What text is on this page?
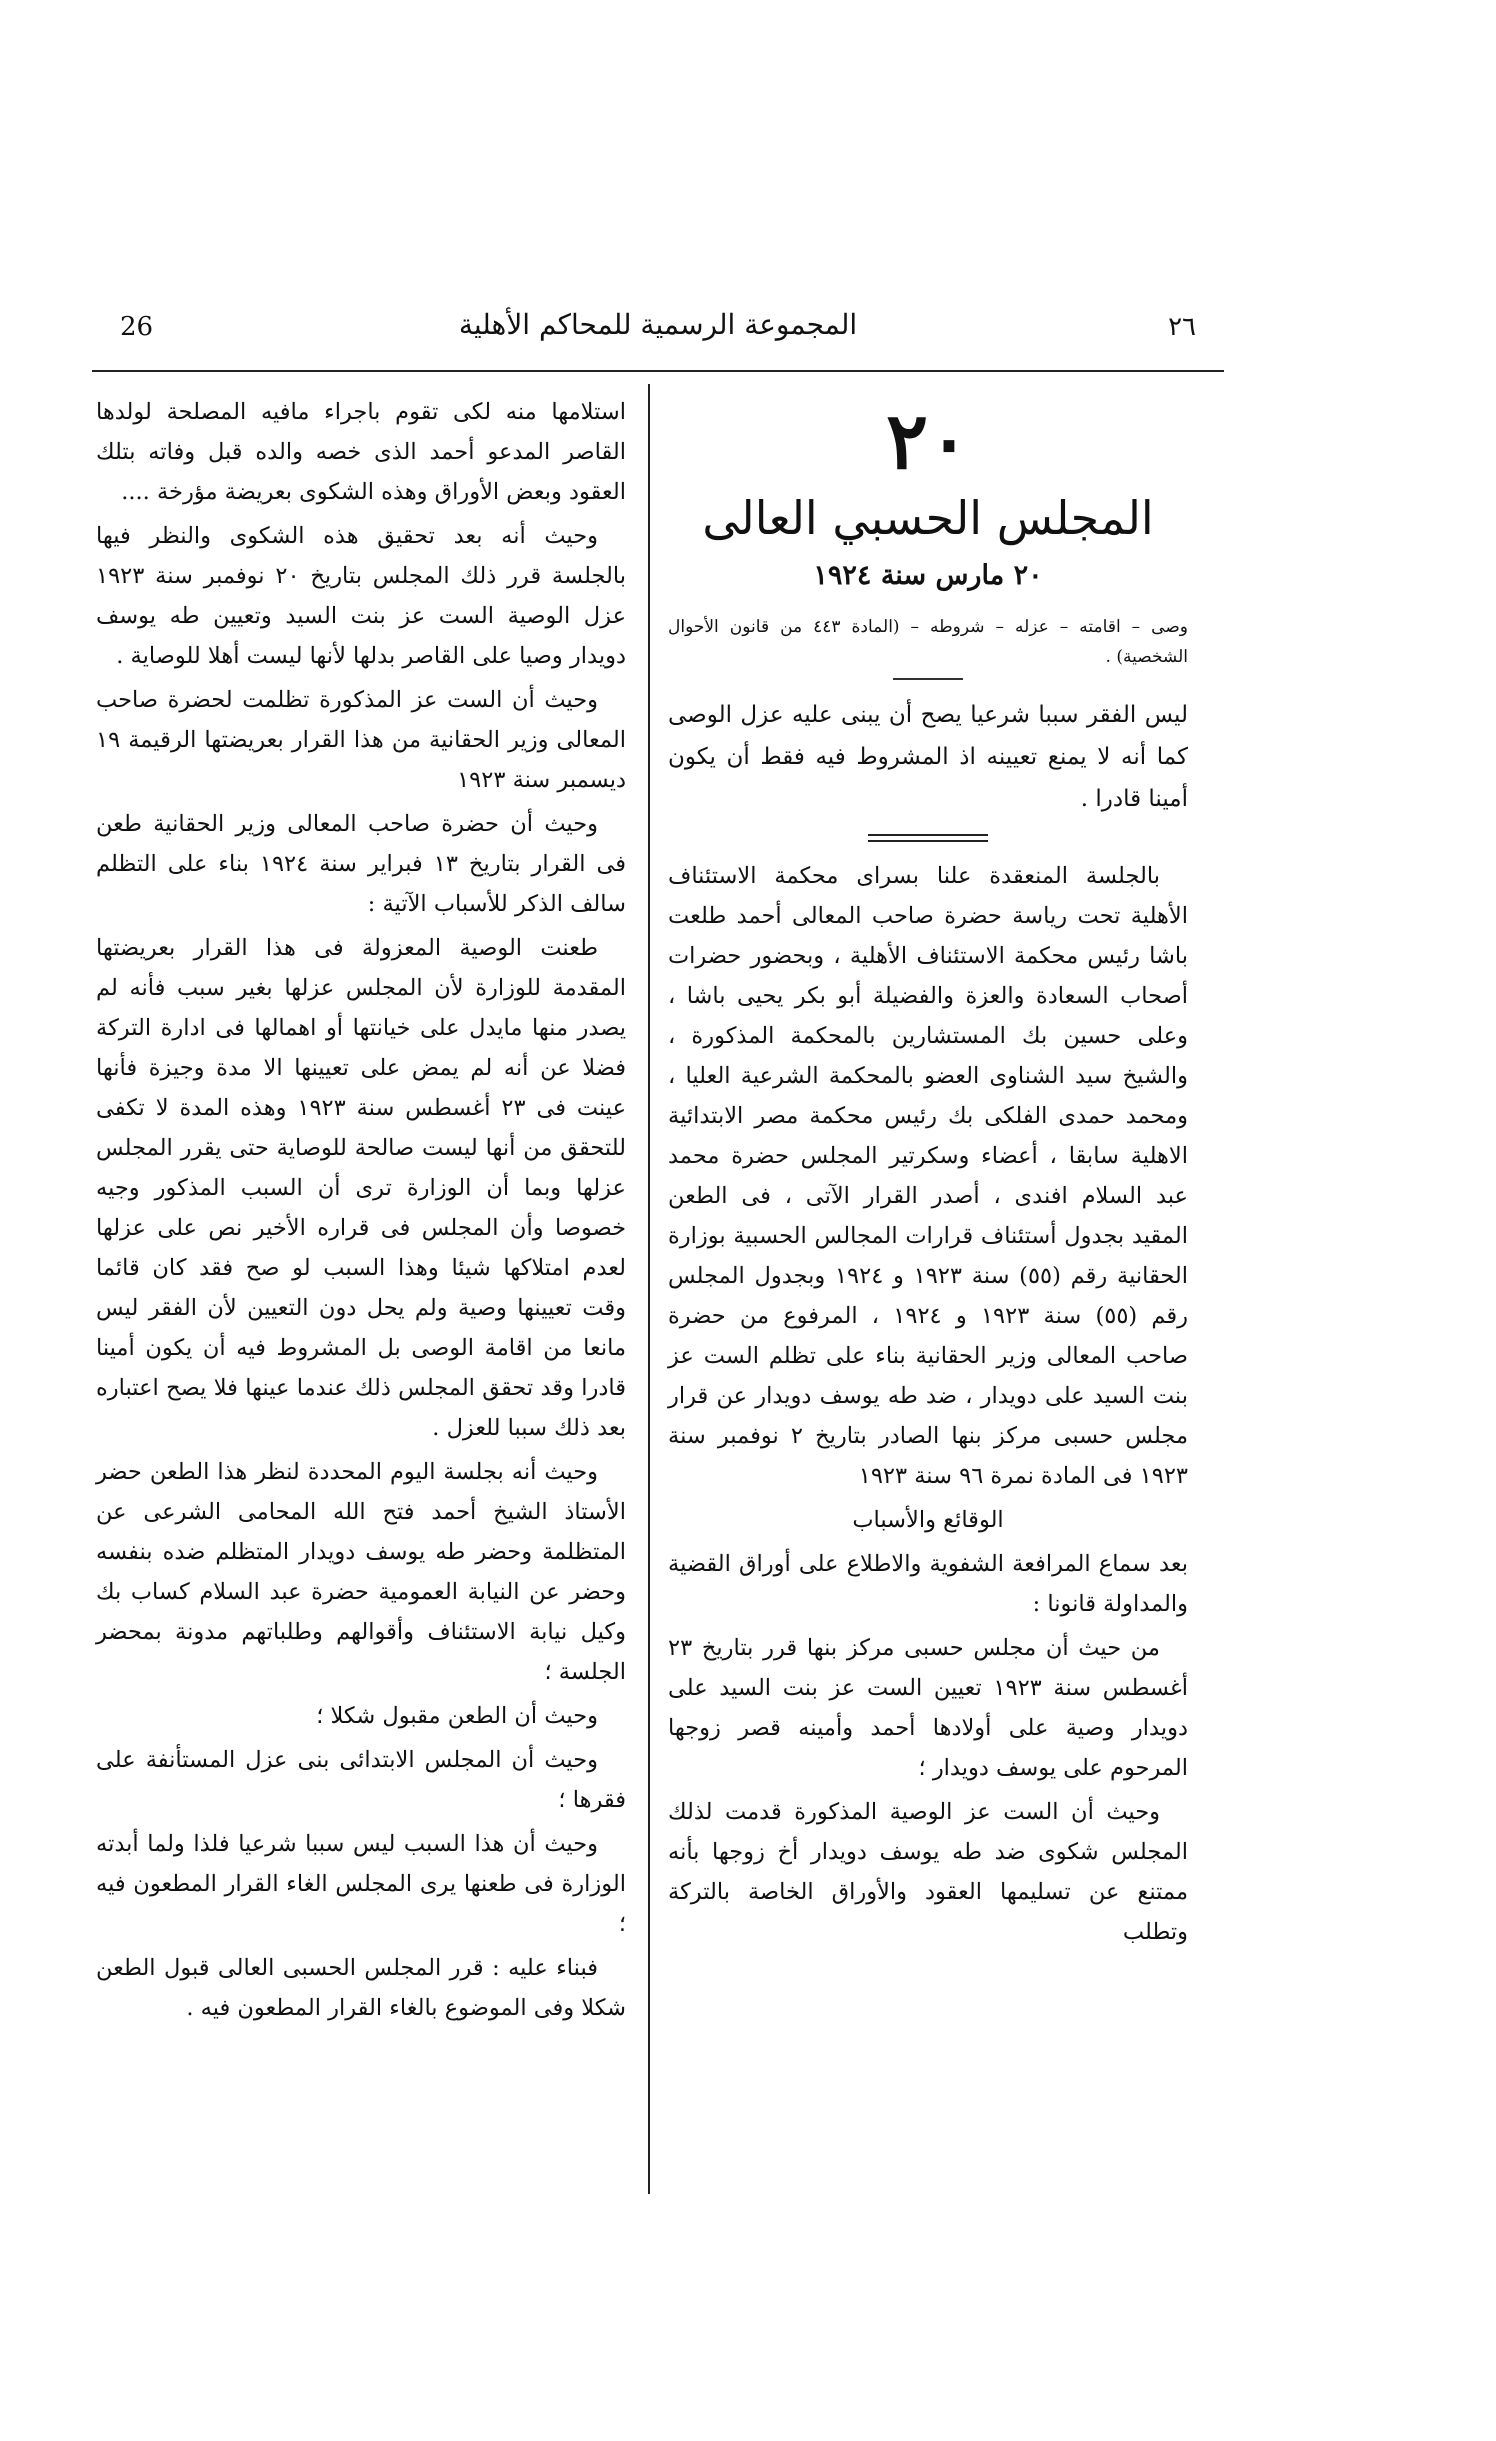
26	المجموعة الرسمية للمحاكم الأهلية	٢٦
٢٠
المجلس الحسبي العالى
٢٠ مارس سنة ١٩٢٤

وصى – اقامته – عزله – شروطه – (المادة ٤٤٣ من قانون الأحوال الشخصية) .

ليس الفقر سببا شرعيا يصح أن يبنى عليه عزل الوصى كما أنه لا يمنع تعيينه اذ المشروط فيه فقط أن يكون أمينا قادرا .

بالجلسة المنعقدة علنا بسراى محكمة الاستئناف الأهلية تحت رياسة حضرة صاحب المعالى أحمد طلعت باشا رئيس محكمة الاستئناف الأهلية ، وبحضور حضرات أصحاب السعادة والعزة والفضيلة أبو بكر يحيى باشا ، وعلى حسين بك المستشارين بالمحكمة المذكورة ، والشيخ سيد الشناوى العضو بالمحكمة الشرعية العليا ، ومحمد حمدى الفلكى بك رئيس محكمة مصر الابتدائية الاهلية سابقا ، أعضاء وسكرتير المجلس حضرة محمد عبد السلام افندى ، أصدر القرار الآتى ، فى الطعن المقيد بجدول أستئناف قرارات المجالس الحسبية بوزارة الحقانية رقم (٥٥) سنة ١٩٢٣ و ١٩٢٤ وبجدول المجلس رقم (٥٥) سنة ١٩٢٣ و ١٩٢٤ ، المرفوع من حضرة صاحب المعالى وزير الحقانية بناء على تظلم الست عز بنت السيد على دويدار ، ضد طه يوسف دويدار عن قرار مجلس حسبى مركز بنها الصادر بتاريخ ٢ نوفمبر سنة ١٩٢٣ فى المادة نمرة ٩٦ سنة ١٩٢٣

الوقائع والأسباب

بعد سماع المرافعة الشفوية والاطلاع على أوراق القضية والمداولة قانونا :

من حيث أن مجلس حسبى مركز بنها قرر بتاريخ ٢٣ أغسطس سنة ١٩٢٣ تعيين الست عز بنت السيد على دويدار وصية على أولادها أحمد وأمينه قصر زوجها المرحوم على يوسف دويدار ؛

وحيث أن الست عز الوصية المذكورة قدمت لذلك المجلس شكوى ضد طه يوسف دويدار أخ زوجها بأنه ممتنع عن تسليمها العقود والأوراق الخاصة بالتركة وتطلب

استلامها منه لكى تقوم باجراء مافيه المصلحة لولدها القاصر المدعو أحمد الذى خصه والده قبل وفاته بتلك العقود وبعض الأوراق وهذه الشكوى بعريضة مؤرخة ....

وحيث أنه بعد تحقيق هذه الشكوى والنظر فيها بالجلسة قرر ذلك المجلس بتاريخ ٢٠ نوفمبر سنة ١٩٢٣ عزل الوصية الست عز بنت السيد وتعيين طه يوسف دويدار وصيا على القاصر بدلها لأنها ليست أهلا للوصاية .

وحيث أن الست عز المذكورة تظلمت لحضرة صاحب المعالى وزير الحقانية من هذا القرار بعريضتها الرقيمة ١٩ ديسمبر سنة ١٩٢٣

وحيث أن حضرة صاحب المعالى وزير الحقانية طعن فى القرار بتاريخ ١٣ فبراير سنة ١٩٢٤ بناء على التظلم سالف الذكر للأسباب الآتية :

طعنت الوصية المعزولة فى هذا القرار بعريضتها المقدمة للوزارة لأن المجلس عزلها بغير سبب فأنه لم يصدر منها مايدل على خيانتها أو اهمالها فى ادارة التركة فضلا عن أنه لم يمض على تعيينها الا مدة وجيزة فأنها عينت فى ٢٣ أغسطس سنة ١٩٢٣ وهذه المدة لا تكفى للتحقق من أنها ليست صالحة للوصاية حتى يقرر المجلس عزلها وبما أن الوزارة ترى أن السبب المذكور وجيه خصوصا وأن المجلس فى قراره الأخير نص على عزلها لعدم امتلاكها شيئا وهذا السبب لو صح فقد كان قائما وقت تعيينها وصية ولم يحل دون التعيين لأن الفقر ليس مانعا من اقامة الوصى بل المشروط فيه أن يكون أمينا قادرا وقد تحقق المجلس ذلك عندما عينها فلا يصح اعتباره بعد ذلك سببا للعزل .

وحيث أنه بجلسة اليوم المحددة لنظر هذا الطعن حضر الأستاذ الشيخ أحمد فتح الله المحامى الشرعى عن المتظلمة وحضر طه يوسف دويدار المتظلم ضده بنفسه وحضر عن النيابة العمومية حضرة عبد السلام كساب بك وكيل نيابة الاستئناف وأقوالهم وطلباتهم مدونة بمحضر الجلسة ؛

وحيث أن الطعن مقبول شكلا ؛

وحيث أن المجلس الابتدائى بنى عزل المستأنفة على فقرها ؛

وحيث أن هذا السبب ليس سببا شرعيا فلذا ولما أبدته الوزارة فى طعنها يرى المجلس الغاء القرار المطعون فيه ؛

فبناء عليه : قرر المجلس الحسبى العالى قبول الطعن شكلا وفى الموضوع بالغاء القرار المطعون فيه .
